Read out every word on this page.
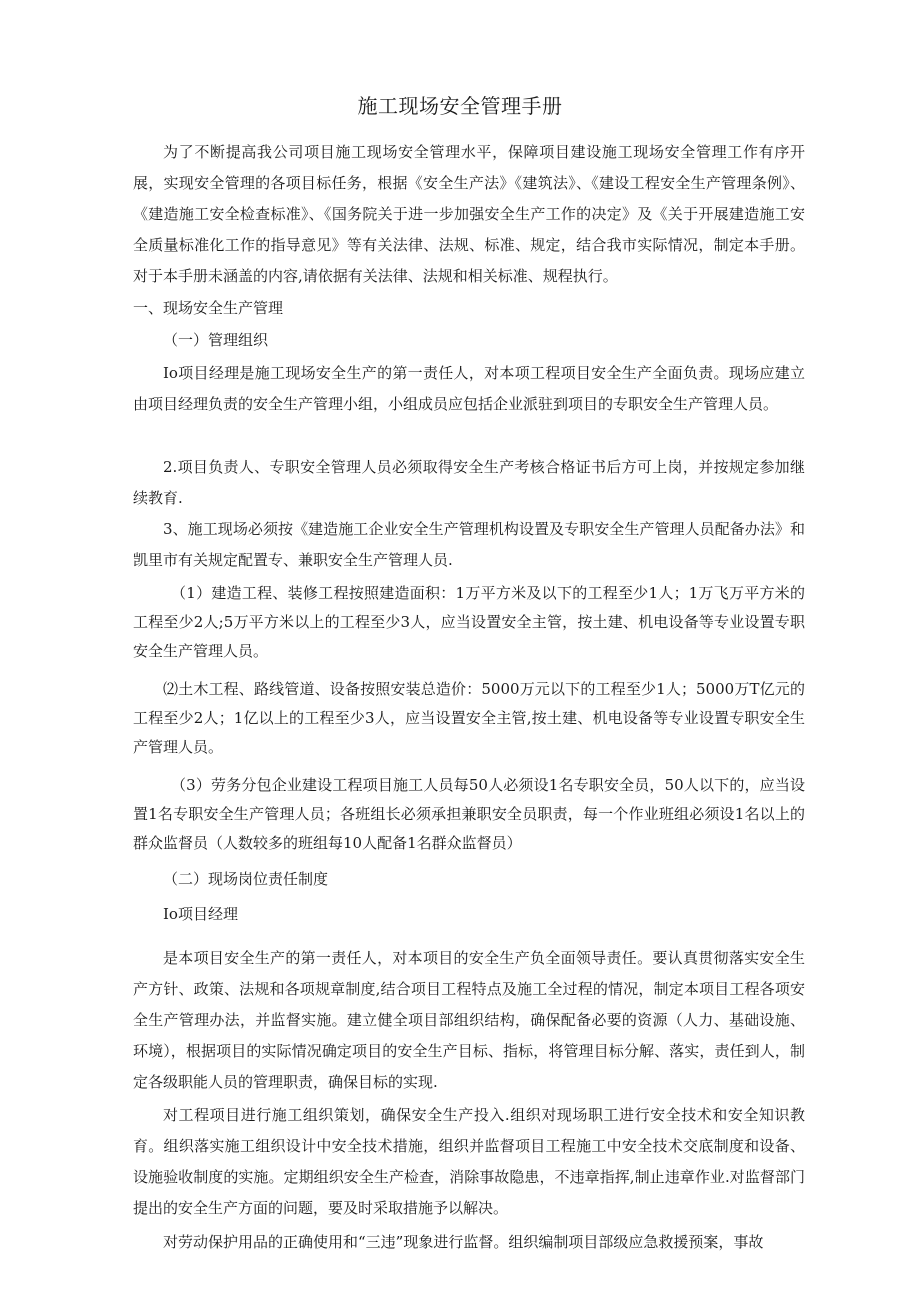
施工现场安全管理手册

为了不断提高我公司项目施工现场安全管理水平，保障项目建设施工现场安全管理工作有序开展，实现安全管理的各项目标任务，根据《安全生产法》《建筑法》、《建设工程安全生产管理条例》、《建造施工安全检查标准》、《国务院关于进一步加强安全生产工作的决定》及《关于开展建造施工安全质量标准化工作的指导意见》等有关法律、法规、标准、规定，结合我市实际情况，制定本手册。对于本手册未涵盖的内容,请依据有关法律、法规和相关标准、规程执行。

一、现场安全生产管理

（一）管理组织

Io项目经理是施工现场安全生产的第一责任人，对本项工程项目安全生产全面负责。现场应建立由项目经理负责的安全生产管理小组，小组成员应包括企业派驻到项目的专职安全生产管理人员。

2.项目负责人、专职安全管理人员必须取得安全生产考核合格证书后方可上岗，并按规定参加继续教育.

3、施工现场必须按《建造施工企业安全生产管理机构设置及专职安全生产管理人员配备办法》和凯里市有关规定配置专、兼职安全生产管理人员.

（1）建造工程、装修工程按照建造面积：1万平方米及以下的工程至少1人；1万飞万平方米的工程至少2人;5万平方米以上的工程至少3人，应当设置安全主管，按土建、机电设备等专业设置专职安全生产管理人员。

⑵土木工程、路线管道、设备按照安装总造价：5000万元以下的工程至少1人；5000万T亿元的工程至少2人；1亿以上的工程至少3人，应当设置安全主管,按土建、机电设备等专业设置专职安全生产管理人员。

（3）劳务分包企业建设工程项目施工人员每50人必须设1名专职安全员，50人以下的，应当设置1名专职安全生产管理人员；各班组长必须承担兼职安全员职责，每一个作业班组必须设1名以上的群众监督员（人数较多的班组每10人配备1名群众监督员）

（二）现场岗位责任制度

Io项目经理

是本项目安全生产的第一责任人，对本项目的安全生产负全面领导责任。要认真贯彻落实安全生产方针、政策、法规和各项规章制度,结合项目工程特点及施工全过程的情况，制定本项目工程各项安全生产管理办法，并监督实施。建立健全项目部组织结构，确保配备必要的资源（人力、基础设施、环境），根据项目的实际情况确定项目的安全生产目标、指标，将管理目标分解、落实，责任到人，制定各级职能人员的管理职责，确保目标的实现.

对工程项目进行施工组织策划，确保安全生产投入.组织对现场职工进行安全技术和安全知识教育。组织落实施工组织设计中安全技术措施，组织并监督项目工程施工中安全技术交底制度和设备、设施验收制度的实施。定期组织安全生产检查，消除事故隐患，不违章指挥,制止违章作业.对监督部门提出的安全生产方面的问题，要及时采取措施予以解决。

对劳动保护用品的正确使用和“三违”现象进行监督。组织编制项目部级应急救援预案，事故
